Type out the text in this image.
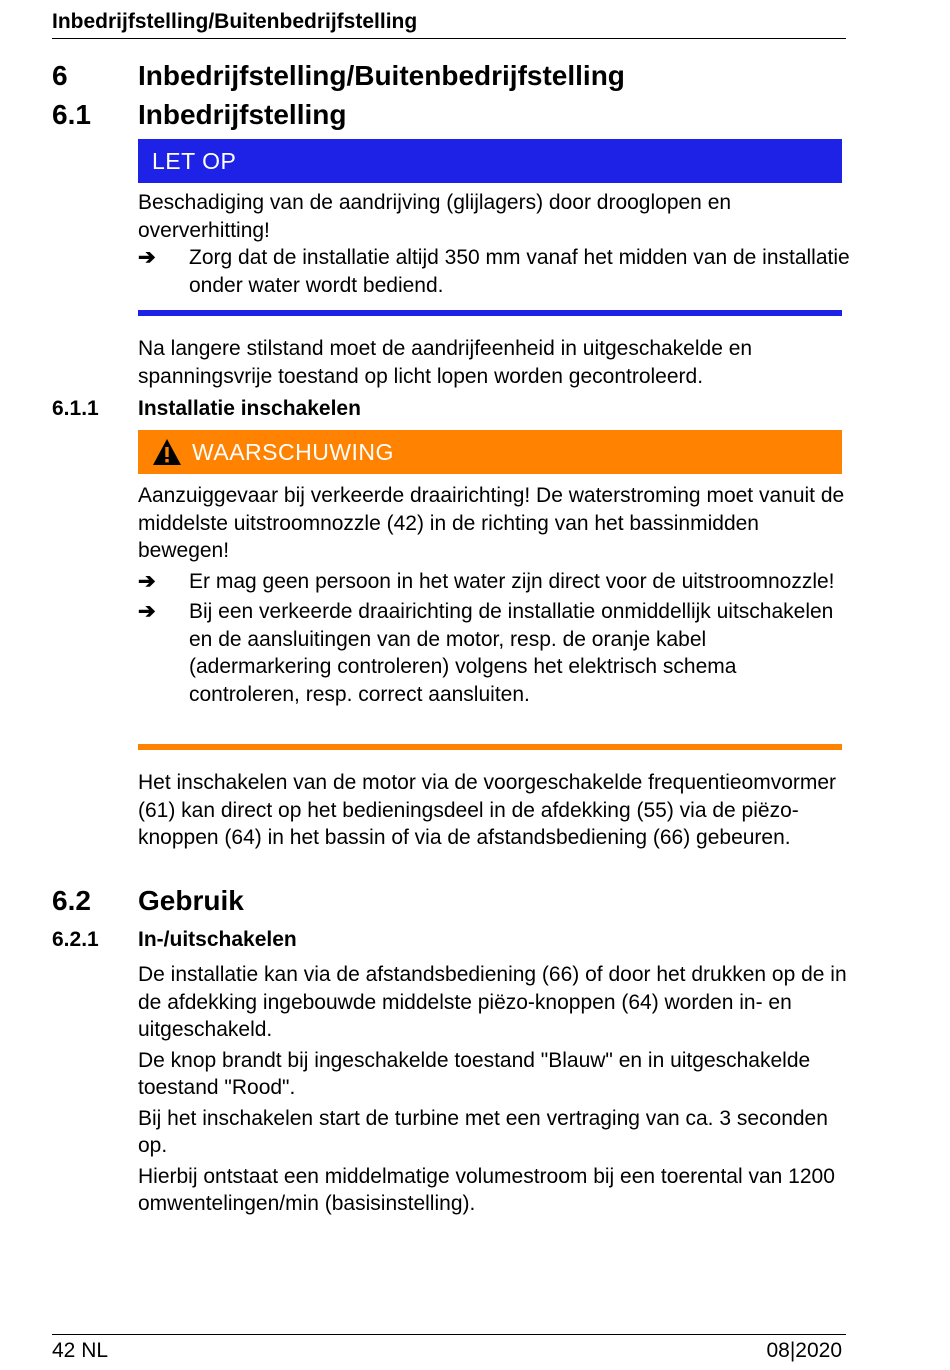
Inbedrijfstelling/Buitenbedrijfstelling
6	Inbedrijfstelling/Buitenbedrijfstelling
6.1 Inbedrijfstelling
LET OP

Beschadiging van de aandrijving (glijlagers) door drooglopen en oververhitting!

➔ Zorg dat de installatie altijd 350 mm vanaf het midden van de installatie onder water wordt bediend.

Na langere stilstand moet de aandrijfeenheid in uitgeschakelde en spanningsvrije toestand op licht lopen worden gecontroleerd.

6.1.1 Installatie inschakelen
WAARSCHUWING

Aanzuiggevaar bij verkeerde draairichting! De waterstroming moet vanuit de middelste uitstroomnozzle (42) in de richting van het bassinmidden bewegen!

➔ Er mag geen persoon in het water zijn direct voor de uitstroomnozzle!

➔ Bij een verkeerde draairichting de installatie onmiddellijk uitschakelen en de aansluitingen van de motor, resp. de oranje kabel (adermarkering controleren) volgens het elektrisch schema controleren, resp. correct aansluiten.

Het inschakelen van de motor via de voorgeschakelde frequentieomvormer (61) kan direct op het bedieningsdeel in de afdekking (55) via de piëzo-knoppen (64) in het bassin of via de afstandsbediening (66) gebeuren.

6.2 Gebruik
6.2.1 In-/uitschakelen

De installatie kan via de afstandsbediening (66) of door het drukken op de in de afdekking ingebouwde middelste piëzo-knoppen (64) worden in- en uitgeschakeld.

De knop brandt bij ingeschakelde toestand "Blauw" en in uitgeschakelde toestand "Rood".

Bij het inschakelen start de turbine met een vertraging van ca. 3 seconden op.

Hierbij ontstaat een middelmatige volumestroom bij een toerental van 1200 omwentelingen/min (basisinstelling).

42 NL	08|2020
